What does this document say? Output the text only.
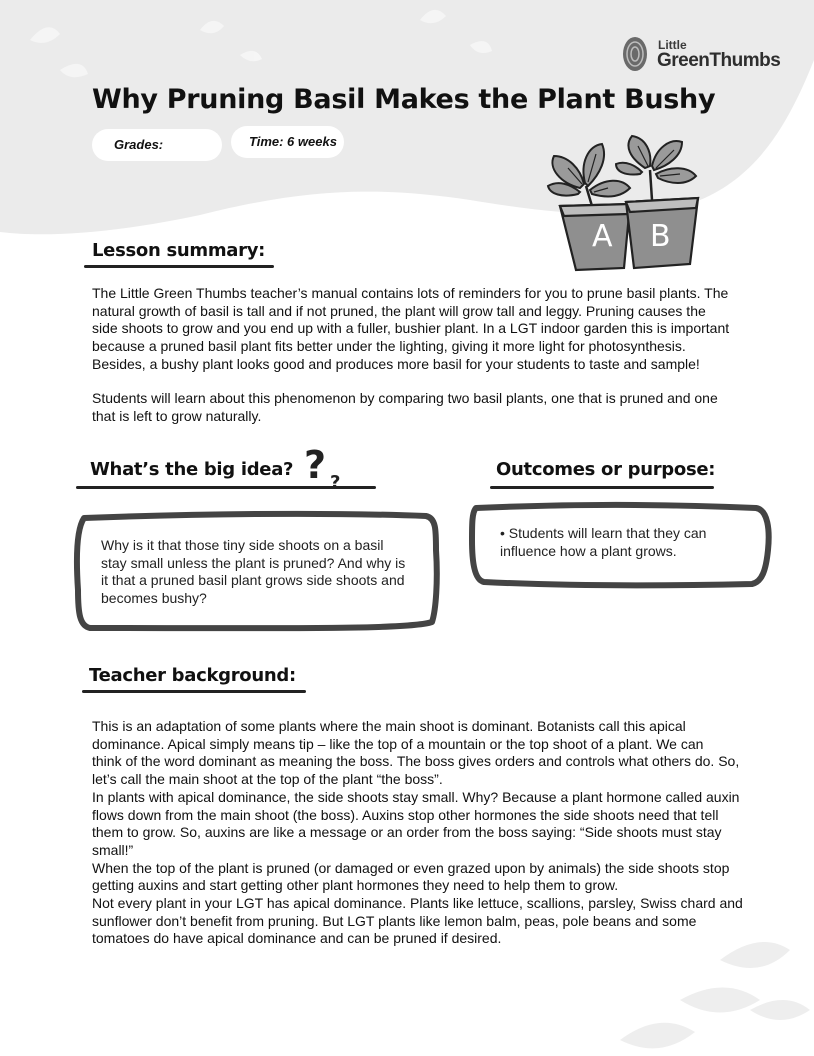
Little
GreenThumbs
Why Pruning Basil Makes the Plant Bushy
Grades:	Time: 6 weeks
A B
Lesson summary:
The Little Green Thumbs teacher’s manual contains lots of reminders for you to prune basil plants. The
natural growth of basil is tall and if not pruned, the plant will grow tall and leggy. Pruning causes the
side shoots to grow and you end up with a fuller, bushier plant. In a LGT indoor garden this is important
because a pruned basil plant fits better under the lighting, giving it more light for photosynthesis.
Besides, a bushy plant looks good and produces more basil for your students to taste and sample!
Students will learn about this phenomenon by comparing two basil plants, one that is pruned and one
that is left to grow naturally.
What’s the big idea? ? ?
Why is it that those tiny side shoots on a basil
stay small unless the plant is pruned? And why is
it that a pruned basil plant grows side shoots and
becomes bushy?
Outcomes or purpose:
• Students will learn that they can
influence how a plant grows.
Teacher background:
This is an adaptation of some plants where the main shoot is dominant. Botanists call this apical
dominance. Apical simply means tip – like the top of a mountain or the top shoot of a plant. We can
think of the word dominant as meaning the boss. The boss gives orders and controls what others do. So,
let’s call the main shoot at the top of the plant “the boss”.
In plants with apical dominance, the side shoots stay small. Why? Because a plant hormone called auxin
flows down from the main shoot (the boss). Auxins stop other hormones the side shoots need that tell
them to grow. So, auxins are like a message or an order from the boss saying: “Side shoots must stay
small!”
When the top of the plant is pruned (or damaged or even grazed upon by animals) the side shoots stop
getting auxins and start getting other plant hormones they need to help them to grow.
Not every plant in your LGT has apical dominance. Plants like lettuce, scallions, parsley, Swiss chard and
sunflower don’t benefit from pruning. But LGT plants like lemon balm, peas, pole beans and some
tomatoes do have apical dominance and can be pruned if desired.
